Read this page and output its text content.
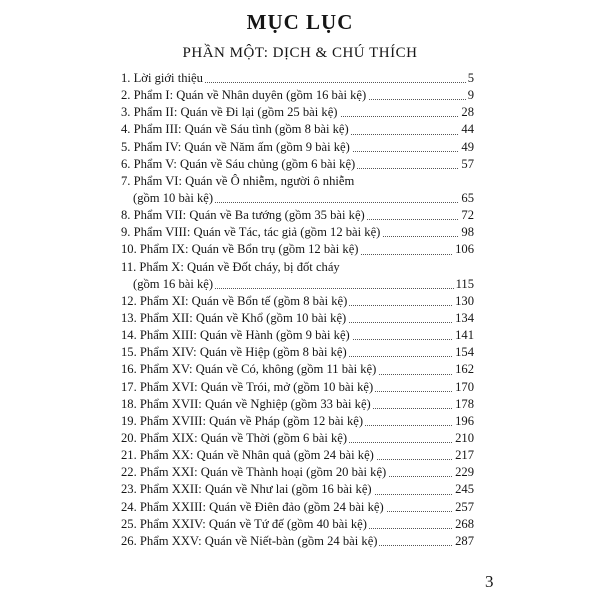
MỤC LỤC
PHẦN MỘT: DỊCH & CHÚ THÍCH
1. Lời giới thiệu	5
2. Phẩm I: Quán về Nhân duyên (gồm 16 bài kệ)	9
3. Phẩm II: Quán về Đi lại (gồm 25 bài kệ)	28
4. Phẩm III: Quán về Sáu tình (gồm 8 bài kệ)	44
5. Phẩm IV: Quán về Năm ấm (gồm 9 bài kệ)	49
6. Phẩm V: Quán về Sáu chủng (gồm 6 bài kệ)	57
7. Phẩm VI: Quán về Ô nhiễm, người ô nhiễm
(gồm 10 bài kệ)	65
8. Phẩm VII: Quán về Ba tướng (gồm 35 bài kệ)	72
9. Phẩm VIII: Quán về Tác, tác giả (gồm 12 bài kệ)	98
10. Phẩm IX: Quán về Bổn trụ (gồm 12 bài kệ)	106
11. Phẩm X: Quán về Đốt cháy, bị đốt cháy
(gồm 16 bài kệ)	115
12. Phẩm XI: Quán về Bổn tế (gồm 8 bài kệ)	130
13. Phẩm XII: Quán về Khổ (gồm 10 bài kệ)	134
14. Phẩm XIII: Quán về Hành (gồm 9 bài kệ)	141
15. Phẩm XIV: Quán về Hiệp (gồm 8 bài kệ)	154
16. Phẩm XV: Quán về Có, không (gồm 11 bài kệ)	162
17. Phẩm XVI: Quán về Trói, mở (gồm 10 bài kệ)	170
18. Phẩm XVII: Quán về Nghiệp (gồm 33 bài kệ)	178
19. Phẩm XVIII: Quán về Pháp (gồm 12 bài kệ)	196
20. Phẩm XIX: Quán về Thời (gồm 6 bài kệ)	210
21. Phẩm XX: Quán về Nhân quả (gồm 24 bài kệ)	217
22. Phẩm XXI: Quán về Thành hoại (gồm 20 bài kệ)	229
23. Phẩm XXII: Quán về Như lai (gồm 16 bài kệ)	245
24. Phẩm XXIII: Quán về Điên đảo (gồm 24 bài kệ)	257
25. Phẩm XXIV: Quán về Tứ đế (gồm 40 bài kệ)	268
26. Phẩm XXV: Quán về Niết-bàn (gồm 24 bài kệ)	287
3
